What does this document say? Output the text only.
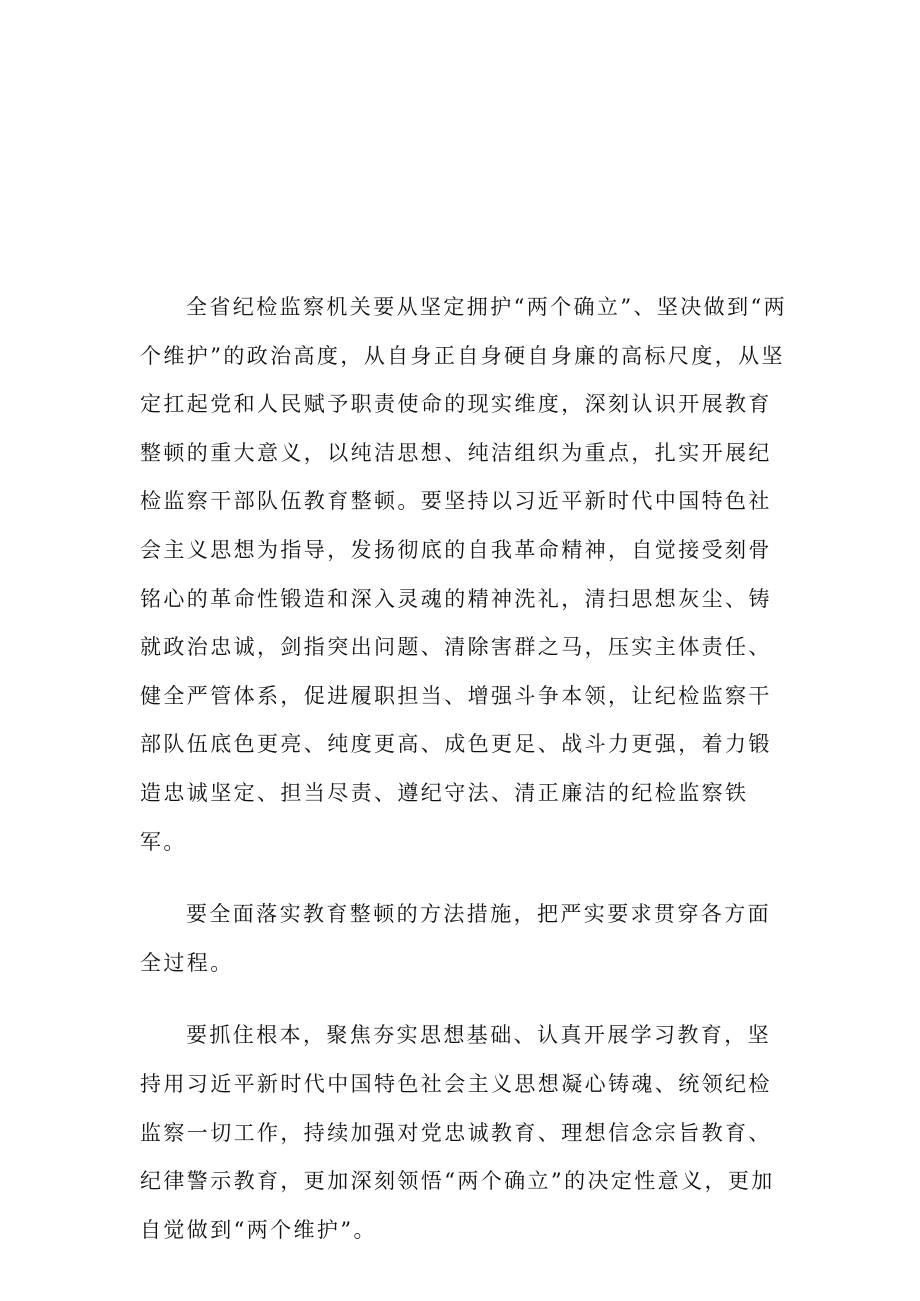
全省纪检监察机关要从坚定拥护“两个确立”、坚决做到“两个维护”的政治高度，从自身正自身硬自身廉的高标尺度，从坚定扛起党和人民赋予职责使命的现实维度，深刻认识开展教育整顿的重大意义，以纯洁思想、纯洁组织为重点，扎实开展纪检监察干部队伍教育整顿。要坚持以习近平新时代中国特色社会主义思想为指导，发扬彻底的自我革命精神，自觉接受刻骨铭心的革命性锻造和深入灵魂的精神洗礼，清扫思想灰尘、铸就政治忠诚，剑指突出问题、清除害群之马，压实主体责任、健全严管体系，促进履职担当、增强斗争本领，让纪检监察干部队伍底色更亮、纯度更高、成色更足、战斗力更强，着力锻造忠诚坚定、担当尽责、遵纪守法、清正廉洁的纪检监察铁军。

要全面落实教育整顿的方法措施，把严实要求贯穿各方面全过程。

要抓住根本，聚焦夯实思想基础、认真开展学习教育，坚持用习近平新时代中国特色社会主义思想凝心铸魂、统领纪检监察一切工作，持续加强对党忠诚教育、理想信念宗旨教育、纪律警示教育，更加深刻领悟“两个确立”的决定性意义，更加自觉做到“两个维护”。
